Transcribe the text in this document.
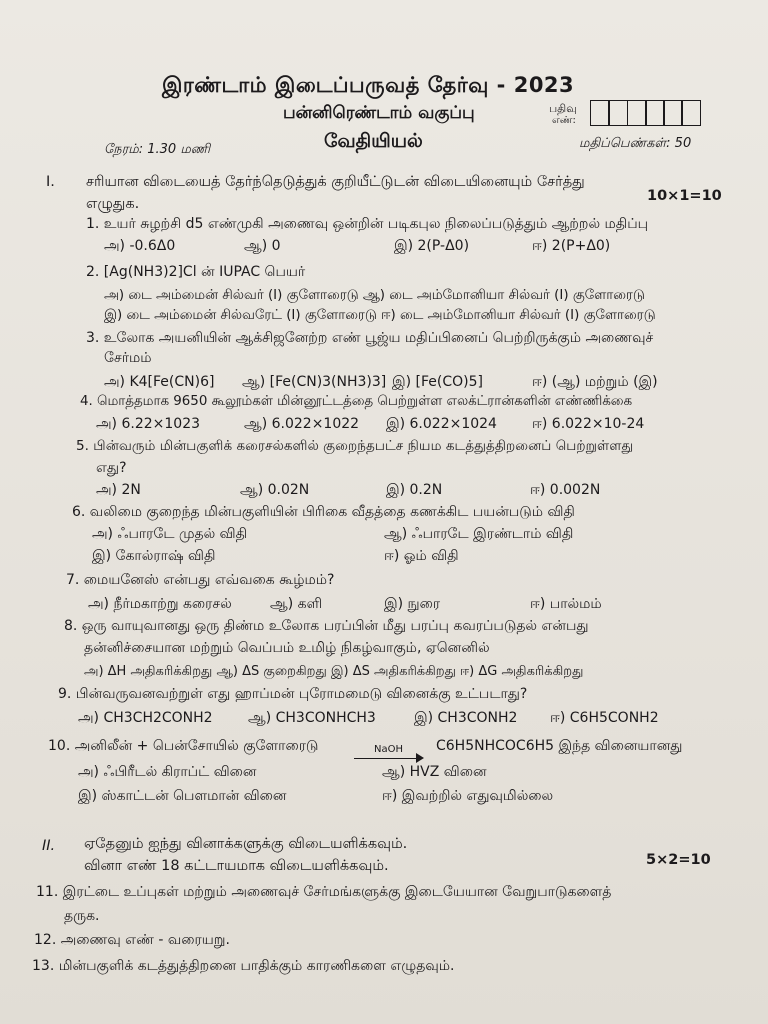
இரண்டாம் இடைப்பருவத் தேர்வு - 2023
பன்னிரெண்டாம் வகுப்பு	பதிவு
எண்:
வேதியியல்
நேரம்: 1.30 மணி	மதிப்பெண்கள்: 50
I. சரியான விடையைத் தேர்ந்தெடுத்துக் குறியீட்டுடன் விடையினையும் சேர்த்து
எழுதுக.	10×1=10
1. உயர் சுழற்சி d5 எண்முகி அணைவு ஒன்றின் படிகபுல நிலைப்படுத்தும் ஆற்றல் மதிப்பு
அ) -0.6Δ0	ஆ) 0	இ) 2(P-Δ0)	ஈ) 2(P+Δ0)
2. [Ag(NH3)2]Cl ன் IUPAC பெயர்
அ) டை அம்மைன் சில்வர் (I) குளோரைடு ஆ) டை அம்மோனியா சில்வர் (I) குளோரைடு
இ) டை அம்மைன் சில்வரேட் (I) குளோரைடு ஈ) டை அம்மோனியா சில்வர் (I) குளோரைடு
3. உலோக அயனியின் ஆக்சிஜனேற்ற எண் பூஜ்ய மதிப்பினைப் பெற்றிருக்கும் அணைவுச்
சேர்மம்
அ) K4[Fe(CN)6] ஆ) [Fe(CN)3(NH3)3] இ) [Fe(CO)5]	ஈ) (ஆ) மற்றும் (இ)
4. மொத்தமாக 9650 கூலூம்கள் மின்னூட்டத்தை பெற்றுள்ள எலக்ட்ரான்களின் எண்ணிக்கை
அ) 6.22×1023	ஆ) 6.022×1022 இ) 6.022×1024	ஈ) 6.022×10-24
5. பின்வரும் மின்பகுளிக் கரைசல்களில் குறைந்தபட்ச நியம கடத்துத்திறனைப் பெற்றுள்ளது
எது?
அ) 2N	ஆ) 0.02N	இ) 0.2N	ஈ) 0.002N
6. வலிமை குறைந்த மின்பகுளியின் பிரிகை வீதத்தை கணக்கிட பயன்படும் விதி
அ) ஃபாரடே முதல் விதி	ஆ) ஃபாரடே இரண்டாம் விதி
இ) கோல்ராஷ் விதி	ஈ) ஓம் விதி
7. மையனேஸ் என்பது எவ்வகை கூழ்மம்?
அ) நீர்மகாற்று கரைசல்	ஆ) களி	இ) நுரை	ஈ) பால்மம்
8. ஒரு வாயுவானது ஒரு திண்ம உலோக பரப்பின் மீது பரப்பு கவரப்படுதல் என்பது
தன்னிச்சையான மற்றும் வெப்பம் உமிழ் நிகழ்வாகும், ஏனெனில்
அ) ΔH அதிகரிக்கிறது ஆ) ΔS குறைகிறது இ) ΔS அதிகரிக்கிறது ஈ) ΔG அதிகரிக்கிறது
9. பின்வருவனவற்றுள் எது ஹாப்மன் புரோமமைடு வினைக்கு உட்படாது?
அ) CH3CH2CONH2	ஆ) CH3CONHCH3	இ) CH3CONH2 ஈ) C6H5CONH2
10. அனிலீன் + பென்சோயில் குளோரைடு	NaOH C6H5NHCOC6H5 இந்த வினையானது
அ) ஃபிரீடல் கிராப்ட் வினை	ஆ) HVZ வினை
இ) ஸ்காட்டன் பௌமான் வினை	ஈ) இவற்றில் எதுவுமில்லை
II. ஏதேனும் ஐந்து வினாக்களுக்கு விடையளிக்கவும்.
வினா எண் 18 கட்டாயமாக விடையளிக்கவும்.	5×2=10
11. இரட்டை உப்புகள் மற்றும் அணைவுச் சேர்மங்களுக்கு இடையேயான வேறுபாடுகளைத்
தருக.
12. அணைவு எண் - வரையறு.
13. மின்பகுளிக் கடத்துத்திறனை பாதிக்கும் காரணிகளை எழுதவும்.
